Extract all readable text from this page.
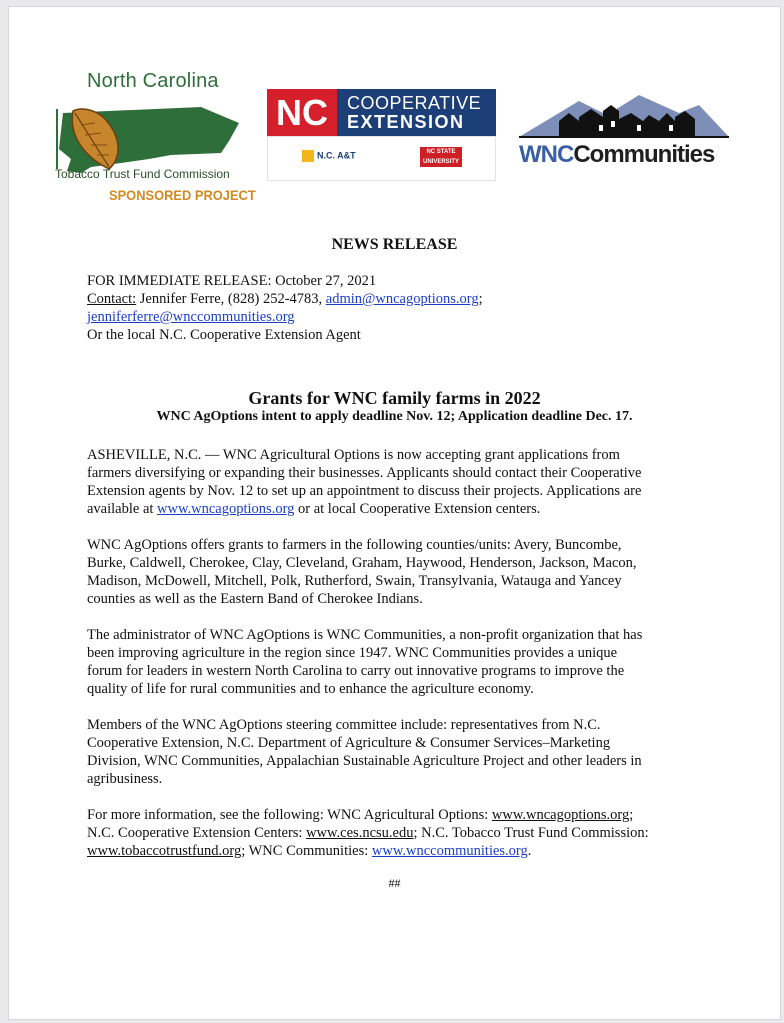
North Carolina
Tobacco Trust Fund Commission
SPONSORED PROJECT
NC	COOPERATIVE
EXTENSION
N.C. A&T	NC STATE
UNIVERSITY	WNCCommunities
NEWS RELEASE
FOR IMMEDIATE RELEASE: October 27, 2021
Contact: Jennifer Ferre, (828) 252-4783, admin@wncagoptions.org;
jenniferferre@wnccommunities.org
Or the local N.C. Cooperative Extension Agent
Grants for WNC family farms in 2022
WNC AgOptions intent to apply deadline Nov. 12; Application deadline Dec. 17.
ASHEVILLE, N.C. — WNC Agricultural Options is now accepting grant applications from
farmers diversifying or expanding their businesses. Applicants should contact their Cooperative
Extension agents by Nov. 12 to set up an appointment to discuss their projects. Applications are
available at www.wncagoptions.org or at local Cooperative Extension centers.
WNC AgOptions offers grants to farmers in the following counties/units: Avery, Buncombe,
Burke, Caldwell, Cherokee, Clay, Cleveland, Graham, Haywood, Henderson, Jackson, Macon,
Madison, McDowell, Mitchell, Polk, Rutherford, Swain, Transylvania, Watauga and Yancey
counties as well as the Eastern Band of Cherokee Indians.
The administrator of WNC AgOptions is WNC Communities, a non-profit organization that has
been improving agriculture in the region since 1947. WNC Communities provides a unique
forum for leaders in western North Carolina to carry out innovative programs to improve the
quality of life for rural communities and to enhance the agriculture economy.
Members of the WNC AgOptions steering committee include: representatives from N.C.
Cooperative Extension, N.C. Department of Agriculture & Consumer Services–Marketing
Division, WNC Communities, Appalachian Sustainable Agriculture Project and other leaders in
agribusiness.
For more information, see the following: WNC Agricultural Options: www.wncagoptions.org;
N.C. Cooperative Extension Centers: www.ces.ncsu.edu; N.C. Tobacco Trust Fund Commission:
www.tobaccotrustfund.org; WNC Communities: www.wnccommunities.org.
##
